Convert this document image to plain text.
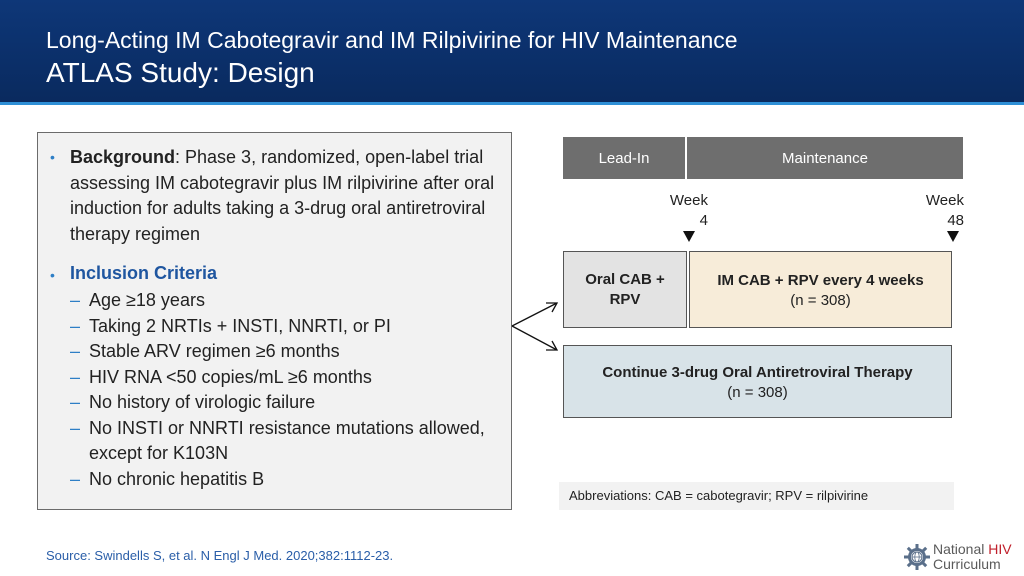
Long-Acting IM Cabotegravir and IM Rilpivirine for HIV Maintenance
ATLAS Study: Design
• Background: Phase 3, randomized, open-label trial assessing IM cabotegravir plus IM rilpivirine after oral induction for adults taking a 3-drug oral antiretroviral therapy regimen
• Inclusion Criteria
– Age ≥18 years
– Taking 2 NRTIs + INSTI, NNRTI, or PI
– Stable ARV regimen ≥6 months
– HIV RNA <50 copies/mL ≥6 months
– No history of virologic failure
– No INSTI or NNRTI resistance mutations allowed, except for K103N
– No chronic hepatitis B
Lead-In	Maintenance
Week
4
Week
48
Oral CAB +
RPV
IM CAB + RPV every 4 weeks
(n = 308)
Continue 3-drug Oral Antiretroviral Therapy
(n = 308)
Abbreviations: CAB = cabotegravir; RPV = rilpivirine
Source: Swindells S, et al. N Engl J Med. 2020;382:1112-23.	National HIV
Curriculum
